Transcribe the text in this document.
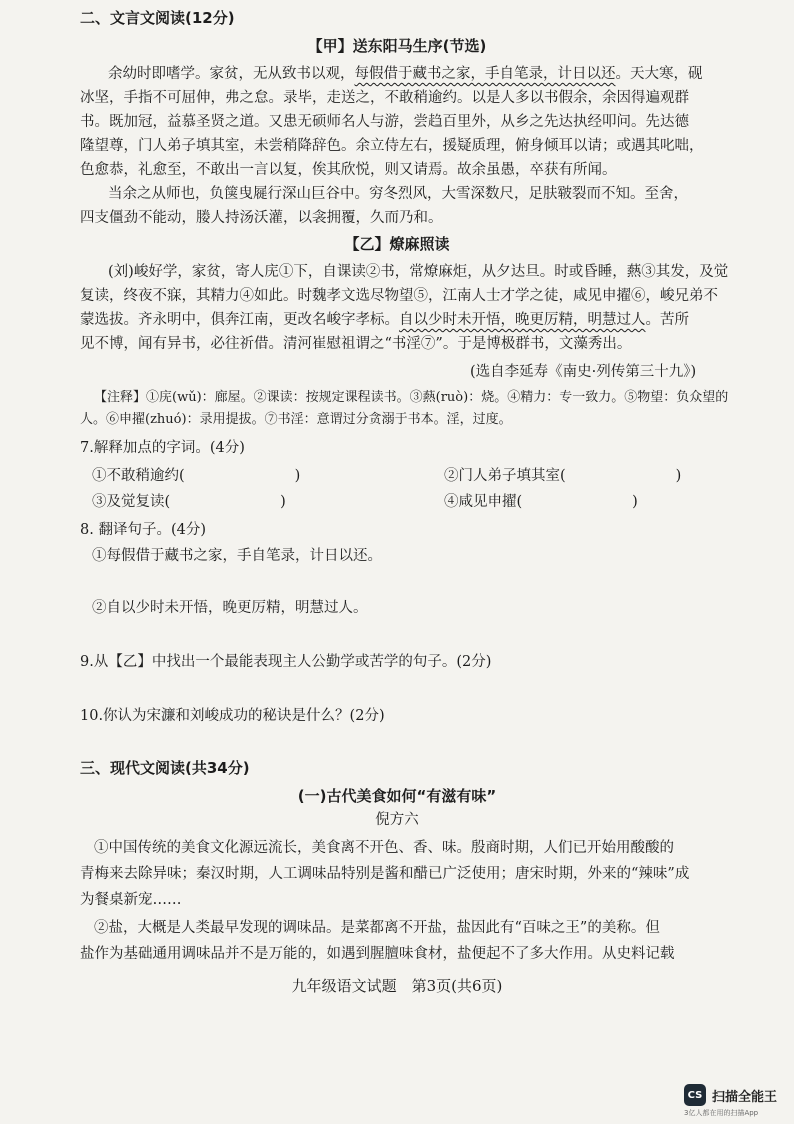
二、文言文阅读(12分)
【甲】送东阳马生序(节选)
余幼时即嗜学。家贫，无从致书以观，每假借于藏书之家，手自笔录，计日以还。天大寒，砚
冰坚，手指不可屈伸，弗之怠。录毕，走送之，不敢稍逾约。以是人多以书假余，余因得遍观群
书。既加冠，益慕圣贤之道。又患无硕师名人与游，尝趋百里外，从乡之先达执经叩问。先达德
隆望尊，门人弟子填其室，未尝稍降辞色。余立侍左右，援疑质理，俯身倾耳以请；或遇其叱咄，
色愈恭，礼愈至，不敢出一言以复，俟其欣悦，则又请焉。故余虽愚，卒获有所闻。
当余之从师也，负箧曳屣行深山巨谷中。穷冬烈风，大雪深数尺，足肤皲裂而不知。至舍，
四支僵劲不能动，媵人持汤沃灌，以衾拥覆，久而乃和。
【乙】燎麻照读
(刘)峻好学，家贫，寄人庑①下，自课读②书，常燎麻炬，从夕达旦。时或昏睡，爇③其发，及觉
复读，终夜不寐，其精力④如此。时魏孝文选尽物望⑤，江南人士才学之徒，咸见申擢⑥，峻兄弟不
蒙选拔。齐永明中，俱奔江南，更改名峻字孝标。自以少时未开悟，晚更厉精，明慧过人。苦所
见不博，闻有异书，必往祈借。清河崔慰祖谓之“书淫⑦”。于是博极群书，文藻秀出。
(选自李延寿《南史·列传第三十九》)
【注释】①庑(wǔ)：廊屋。②课读：按规定课程读书。③爇(ruò)：烧。④精力：专一致力。⑤物望：负众望的
人。⑥申擢(zhuó)：录用提拔。⑦书淫：意谓过分贪溺于书本。淫，过度。
7.解释加点的字词。(4分)
①不敢稍逾约(	)	②门人弟子填其室(	)
③及觉复读(	)	④咸见申擢(	)
8. 翻译句子。(4分)
①每假借于藏书之家，手自笔录，计日以还。
②自以少时未开悟，晚更厉精，明慧过人。
9.从【乙】中找出一个最能表现主人公勤学或苦学的句子。(2分)
10.你认为宋濂和刘峻成功的秘诀是什么？(2分)
三、现代文阅读(共34分)
(一)古代美食如何“有滋有味”
倪方六
①中国传统的美食文化源远流长，美食离不开色、香、味。殷商时期，人们已开始用酸酸的
青梅来去除异味；秦汉时期，人工调味品特别是酱和醋已广泛使用；唐宋时期，外来的“辣味”成
为餐桌新宠……
②盐，大概是人类最早发现的调味品。是菜都离不开盐，盐因此有“百味之王”的美称。但
盐作为基础通用调味品并不是万能的，如遇到腥膻味食材，盐便起不了多大作用。从史料记载
九年级语文试题　第3页(共6页)
CS 扫描全能王
3亿人都在用的扫描App
